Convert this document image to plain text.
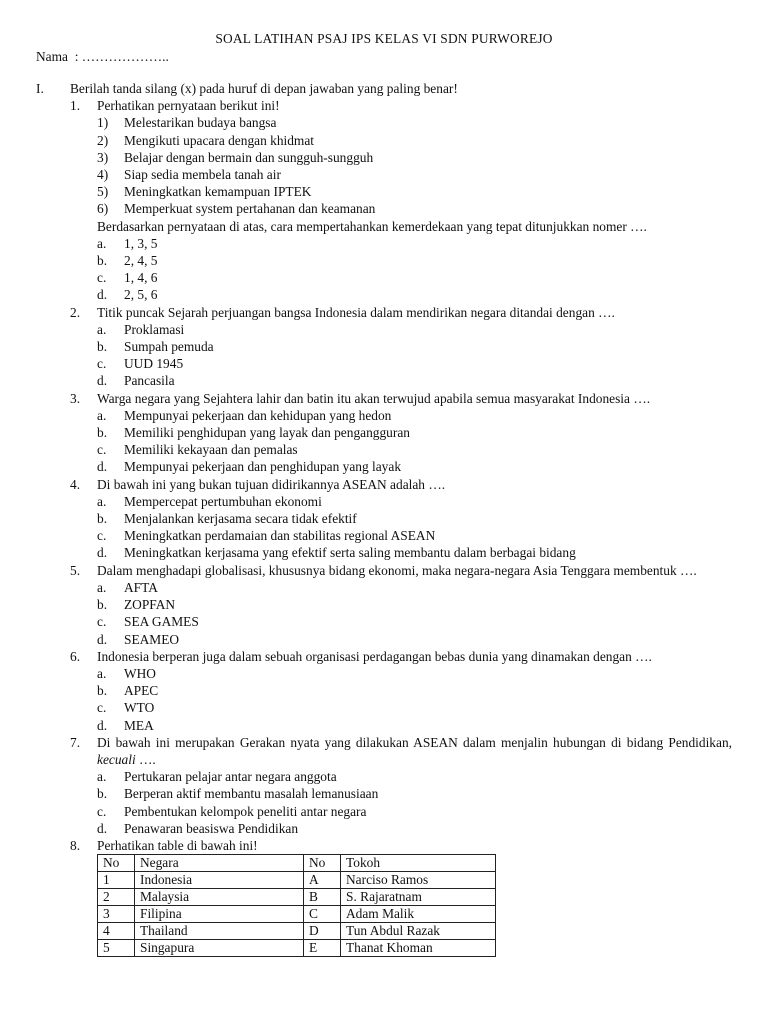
SOAL LATIHAN PSAJ IPS KELAS VI SDN PURWOREJO
Nama : ………………..
I. Berilah tanda silang (x) pada huruf di depan jawaban yang paling benar!
1. Perhatikan pernyataan berikut ini!
1) Melestarikan budaya bangsa
2) Mengikuti upacara dengan khidmat
3) Belajar dengan bermain dan sungguh-sungguh
4) Siap sedia membela tanah air
5) Meningkatkan kemampuan IPTEK
6) Memperkuat system pertahanan dan keamanan
Berdasarkan pernyataan di atas, cara mempertahankan kemerdekaan yang tepat ditunjukkan nomer ….
a. 1, 3, 5
b. 2, 4, 5
c. 1, 4, 6
d. 2, 5, 6
2. Titik puncak Sejarah perjuangan bangsa Indonesia dalam mendirikan negara ditandai dengan ….
a. Proklamasi
b. Sumpah pemuda
c. UUD 1945
d. Pancasila
3. Warga negara yang Sejahtera lahir dan batin itu akan terwujud apabila semua masyarakat Indonesia ….
a. Mempunyai pekerjaan dan kehidupan yang hedon
b. Memiliki penghidupan yang layak dan pengangguran
c. Memiliki kekayaan dan pemalas
d. Mempunyai pekerjaan dan penghidupan yang layak
4. Di bawah ini yang bukan tujuan didirikannya ASEAN adalah ….
a. Mempercepat pertumbuhan ekonomi
b. Menjalankan kerjasama secara tidak efektif
c. Meningkatkan perdamaian dan stabilitas regional ASEAN
d. Meningkatkan kerjasama yang efektif serta saling membantu dalam berbagai bidang
5. Dalam menghadapi globalisasi, khususnya bidang ekonomi, maka negara-negara Asia Tenggara membentuk ….
a. AFTA
b. ZOPFAN
c. SEA GAMES
d. SEAMEO
6. Indonesia berperan juga dalam sebuah organisasi perdagangan bebas dunia yang dinamakan dengan ….
a. WHO
b. APEC
c. WTO
d. MEA
7. Di bawah ini merupakan Gerakan nyata yang dilakukan ASEAN dalam menjalin hubungan di bidang Pendidikan, kecuali ….
a. Pertukaran pelajar antar negara anggota
b. Berperan aktif membantu masalah lemanusiaan
c. Pembentukan kelompok peneliti antar negara
d. Penawaran beasiswa Pendidikan
8. Perhatikan table di bawah ini!
No	Negara	No	Tokoh
1	Indonesia	A	Narciso Ramos
2	Malaysia	B	S. Rajaratnam
3	Filipina	C	Adam Malik
4	Thailand	D	Tun Abdul Razak
5	Singapura	E	Thanat Khoman
